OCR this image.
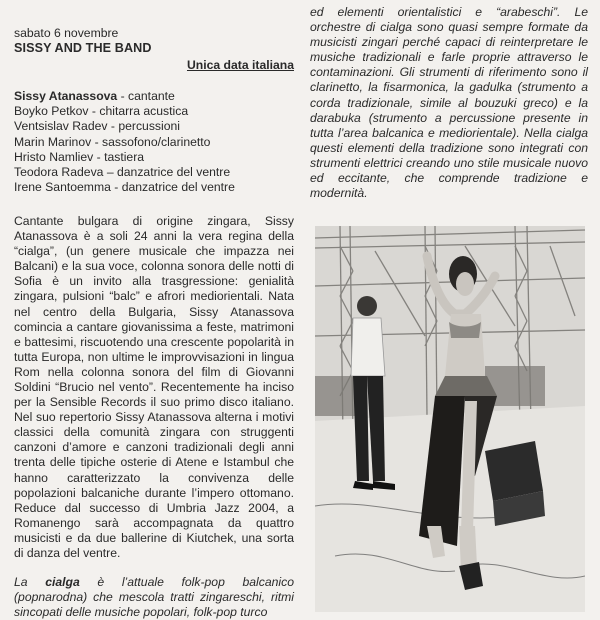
sabato 6 novembre

SISSY AND THE BAND

Unica data italiana

Sissy Atanassova - cantante

Boyko Petkov - chitarra acustica

Ventsislav Radev - percussioni

Marin Marinov - sassofono/clarinetto

Hristo Namliev - tastiera

Teodora Radeva – danzatrice del ventre

Irene Santoemma - danzatrice del ventre

Cantante bulgara di origine zingara, Sissy Atanassova è a soli 24 anni la vera regina della “cialga”, (un genere musicale che impazza nei Balcani) e la sua voce, colonna sonora delle notti di Sofia è un invito alla trasgressione: genialità zingara, pulsioni “balc” e afrori mediorientali. Nata nel centro della Bulgaria, Sissy Atanassova comincia a cantare giovanissima a feste, matrimoni e battesimi, riscuotendo una crescente popolarità in tutta Europa, non ultime le improvvisazioni in lingua Rom nella colonna sonora del film di Giovanni Soldini “Brucio nel vento”. Recentemente ha inciso per la Sensible Records il suo primo disco italiano. Nel suo repertorio Sissy Atanassova alterna i motivi classici della comunità zingara con struggenti canzoni d’amore e canzoni tradizionali degli anni trenta delle tipiche osterie di Atene e Istambul che hanno caratterizzato la convivenza delle popolazioni balcaniche durante l’impero ottomano. Reduce dal successo di Umbria Jazz 2004, a Romanengo sarà accompagnata da quattro musicisti e da due ballerine di Kiutchek, una sorta di danza del ventre.

La cialga è l’attuale folk-pop balcanico (popnarodna) che mescola tratti zingareschi, ritmi sincopati delle musiche popolari, folk-pop turco

ed elementi orientalistici e “arabeschi”. Le orchestre di cialga sono quasi sempre formate da musicisti zingari perché capaci di reinterpretare le musiche tradizionali e farle proprie attraverso le contaminazioni. Gli strumenti di riferimento sono il clarinetto, la fisarmonica, la gadulka (strumento a corda tradizionale, simile al bouzuki greco) e la darabuka (strumento a percussione presente in tutta l’area balcanica e mediorientale). Nella cialga questi elementi della tradizione sono integrati con strumenti elettrici creando uno stile musicale nuovo ed eccitante, che comprende tradizione e modernità.
